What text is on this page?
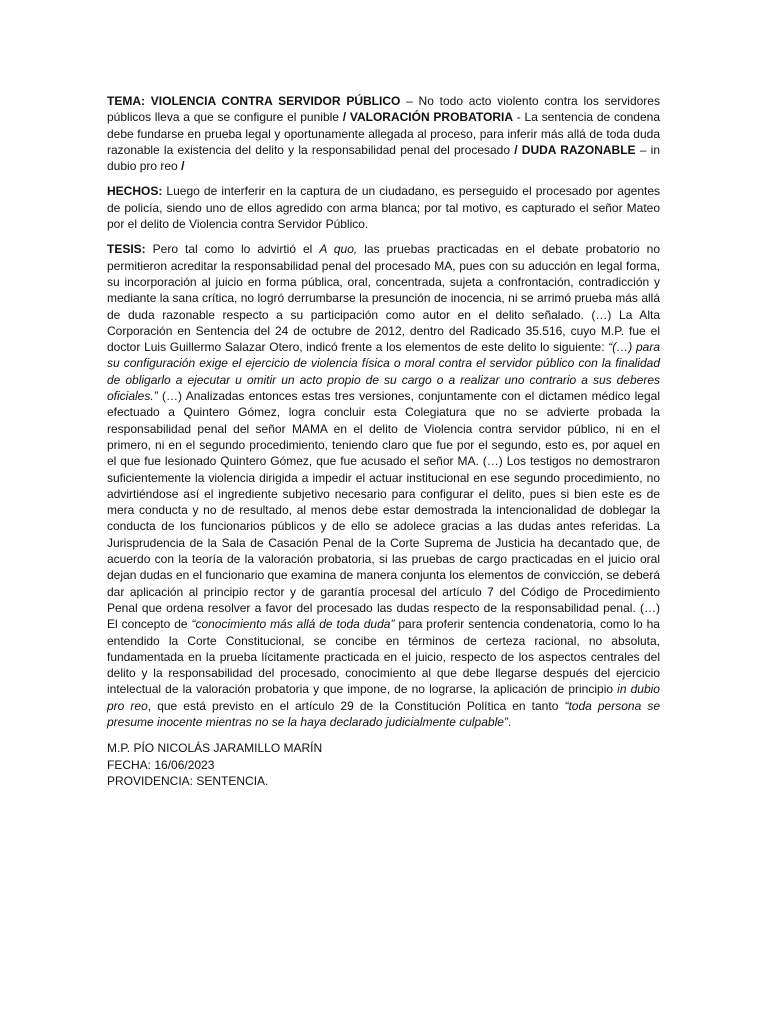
TEMA: VIOLENCIA CONTRA SERVIDOR PÚBLICO – No todo acto violento contra los servidores públicos lleva a que se configure el punible / VALORACIÓN PROBATORIA - La sentencia de condena debe fundarse en prueba legal y oportunamente allegada al proceso, para inferir más allá de toda duda razonable la existencia del delito y la responsabilidad penal del procesado / DUDA RAZONABLE – in dubio pro reo /

HECHOS: Luego de interferir en la captura de un ciudadano, es perseguido el procesado por agentes de policía, siendo uno de ellos agredido con arma blanca; por tal motivo, es capturado el señor Mateo por el delito de Violencia contra Servidor Público.

TESIS: Pero tal como lo advirtió el A quo, las pruebas practicadas en el debate probatorio no permitieron acreditar la responsabilidad penal del procesado MA, pues con su aducción en legal forma, su incorporación al juicio en forma pública, oral, concentrada, sujeta a confrontación, contradicción y mediante la sana crítica, no logró derrumbarse la presunción de inocencia, ni se arrimó prueba más allá de duda razonable respecto a su participación como autor en el delito señalado. (…) La Alta Corporación en Sentencia del 24 de octubre de 2012, dentro del Radicado 35.516, cuyo M.P. fue el doctor Luis Guillermo Salazar Otero, indicó frente a los elementos de este delito lo siguiente: “(…) para su configuración exige el ejercicio de violencia física o moral contra el servidor público con la finalidad de obligarlo a ejecutar u omitir un acto propio de su cargo o a realizar uno contrario a sus deberes oficiales.” (…) Analizadas entonces estas tres versiones, conjuntamente con el dictamen médico legal efectuado a Quintero Gómez, logra concluir esta Colegiatura que no se advierte probada la responsabilidad penal del señor MAMA en el delito de Violencia contra servidor público, ni en el primero, ni en el segundo procedimiento, teniendo claro que fue por el segundo, esto es, por aquel en el que fue lesionado Quintero Gómez, que fue acusado el señor MA. (…) Los testigos no demostraron suficientemente la violencia dirigida a impedir el actuar institucional en ese segundo procedimiento, no advirtiéndose así el ingrediente subjetivo necesario para configurar el delito, pues si bien este es de mera conducta y no de resultado, al menos debe estar demostrada la intencionalidad de doblegar la conducta de los funcionarios públicos y de ello se adolece gracias a las dudas antes referidas. La Jurisprudencia de la Sala de Casación Penal de la Corte Suprema de Justicia ha decantado que, de acuerdo con la teoría de la valoración probatoria, si las pruebas de cargo practicadas en el juicio oral dejan dudas en el funcionario que examina de manera conjunta los elementos de convicción, se deberá dar aplicación al principio rector y de garantía procesal del artículo 7 del Código de Procedimiento Penal que ordena resolver a favor del procesado las dudas respecto de la responsabilidad penal. (…) El concepto de “conocimiento más allá de toda duda” para proferir sentencia condenatoria, como lo ha entendido la Corte Constitucional, se concibe en términos de certeza racional, no absoluta, fundamentada en la prueba lícitamente practicada en el juicio, respecto de los aspectos centrales del delito y la responsabilidad del procesado, conocimiento al que debe llegarse después del ejercicio intelectual de la valoración probatoria y que impone, de no lograrse, la aplicación de principio in dubio pro reo, que está previsto en el artículo 29 de la Constitución Política en tanto “toda persona se presume inocente mientras no se la haya declarado judicialmente culpable”.

M.P. PÍO NICOLÁS JARAMILLO MARÍN

FECHA: 16/06/2023

PROVIDENCIA: SENTENCIA.
